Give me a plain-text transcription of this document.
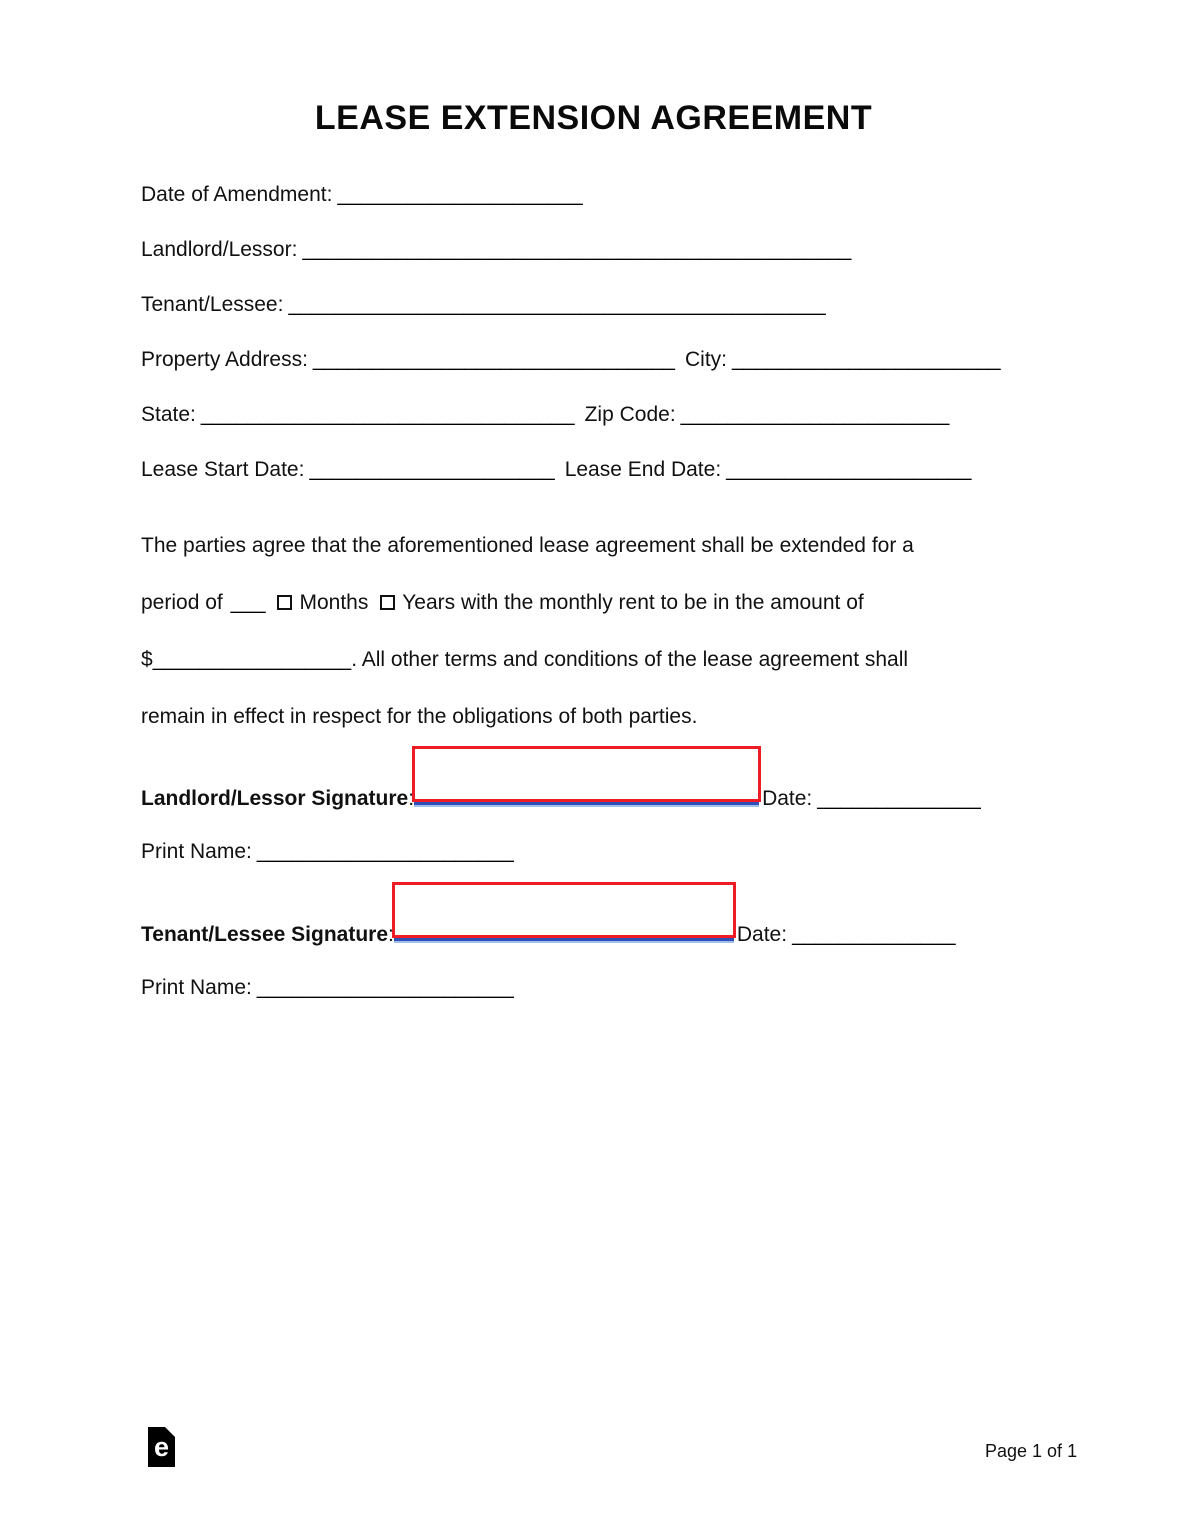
LEASE EXTENSION AGREEMENT
Date of Amendment: _____________________
Landlord/Lessor: _______________________________________________
Tenant/Lessee: ______________________________________________
Property Address: _______________________________ City: _______________________
State: ________________________________ Zip Code: _______________________
Lease Start Date: _____________________ Lease End Date: _____________________
The parties agree that the aforementioned lease agreement shall be extended for a
period of ___ Months Years with the monthly rent to be in the amount of
$_________________. All other terms and conditions of the lease agreement shall
remain in effect in respect for the obligations of both parties.
Landlord/Lessor Signature:	Date: ______________
Print Name: ______________________
Tenant/Lessee Signature:	Date: ______________
Print Name: ______________________
e	Page 1 of 1
